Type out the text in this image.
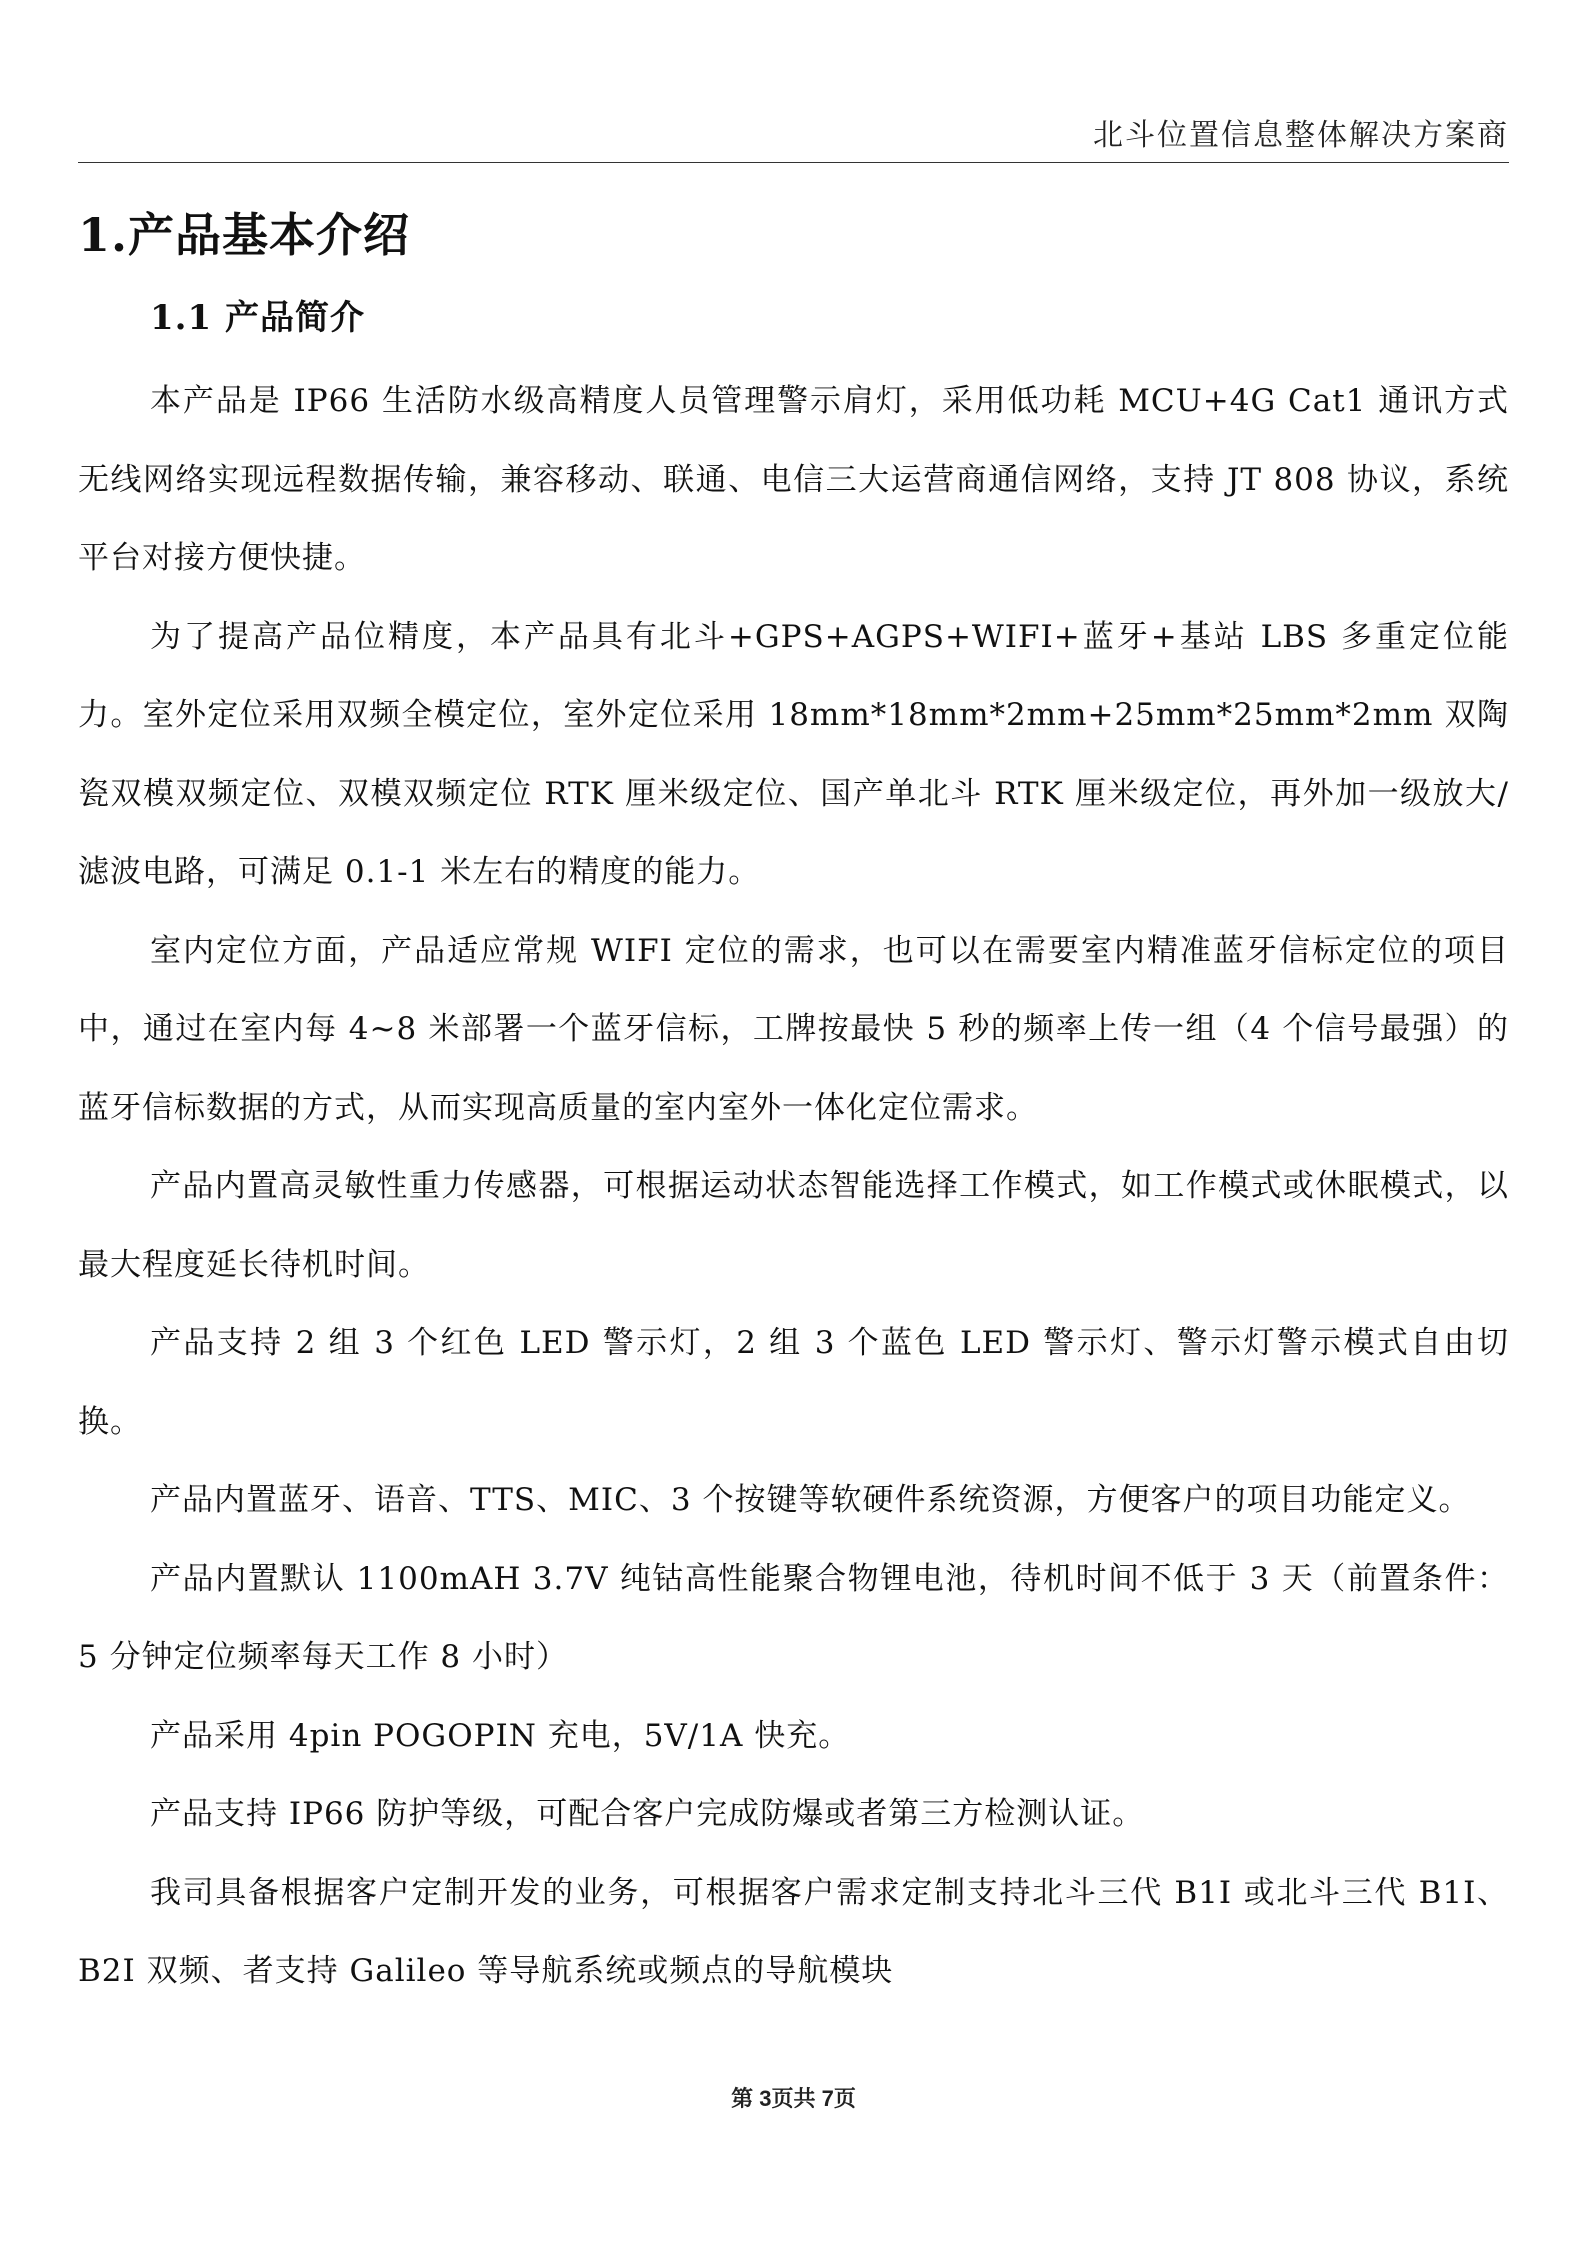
北斗位置信息整体解决方案商
1.产品基本介绍
1.1 产品简介

本产品是 IP66 生活防水级高精度人员管理警示肩灯，采用低功耗 MCU+4G Cat1 通讯方式无线网络实现远程数据传输，兼容移动、联通、电信三大运营商通信网络，支持 JT 808 协议，系统平台对接方便快捷。

为了提高产品位精度，本产品具有北斗+GPS+AGPS+WIFI+蓝牙+基站 LBS 多重定位能力。室外定位采用双频全模定位，室外定位采用 18mm*18mm*2mm+25mm*25mm*2mm 双陶瓷双模双频定位、双模双频定位 RTK 厘米级定位、国产单北斗 RTK 厘米级定位，再外加一级放大/滤波电路，可满足 0.1-1 米左右的精度的能力。

室内定位方面，产品适应常规 WIFI 定位的需求，也可以在需要室内精准蓝牙信标定位的项目中，通过在室内每 4~8 米部署一个蓝牙信标，工牌按最快 5 秒的频率上传一组（4 个信号最强）的蓝牙信标数据的方式，从而实现高质量的室内室外一体化定位需求。

产品内置高灵敏性重力传感器，可根据运动状态智能选择工作模式，如工作模式或休眠模式，以最大程度延长待机时间。

产品支持 2 组 3 个红色 LED 警示灯，2 组 3 个蓝色 LED 警示灯、警示灯警示模式自由切换。

产品内置蓝牙、语音、TTS、MIC、3 个按键等软硬件系统资源，方便客户的项目功能定义。

产品内置默认 1100mAH 3.7V 纯钴高性能聚合物锂电池，待机时间不低于 3 天（前置条件：5 分钟定位频率每天工作 8 小时）

产品采用 4pin POGOPIN 充电，5V/1A 快充。

产品支持 IP66 防护等级，可配合客户完成防爆或者第三方检测认证。

我司具备根据客户定制开发的业务，可根据客户需求定制支持北斗三代 B1I 或北斗三代 B1I、B2I 双频、者支持 Galileo 等导航系统或频点的导航模块

第 3页共 7页
